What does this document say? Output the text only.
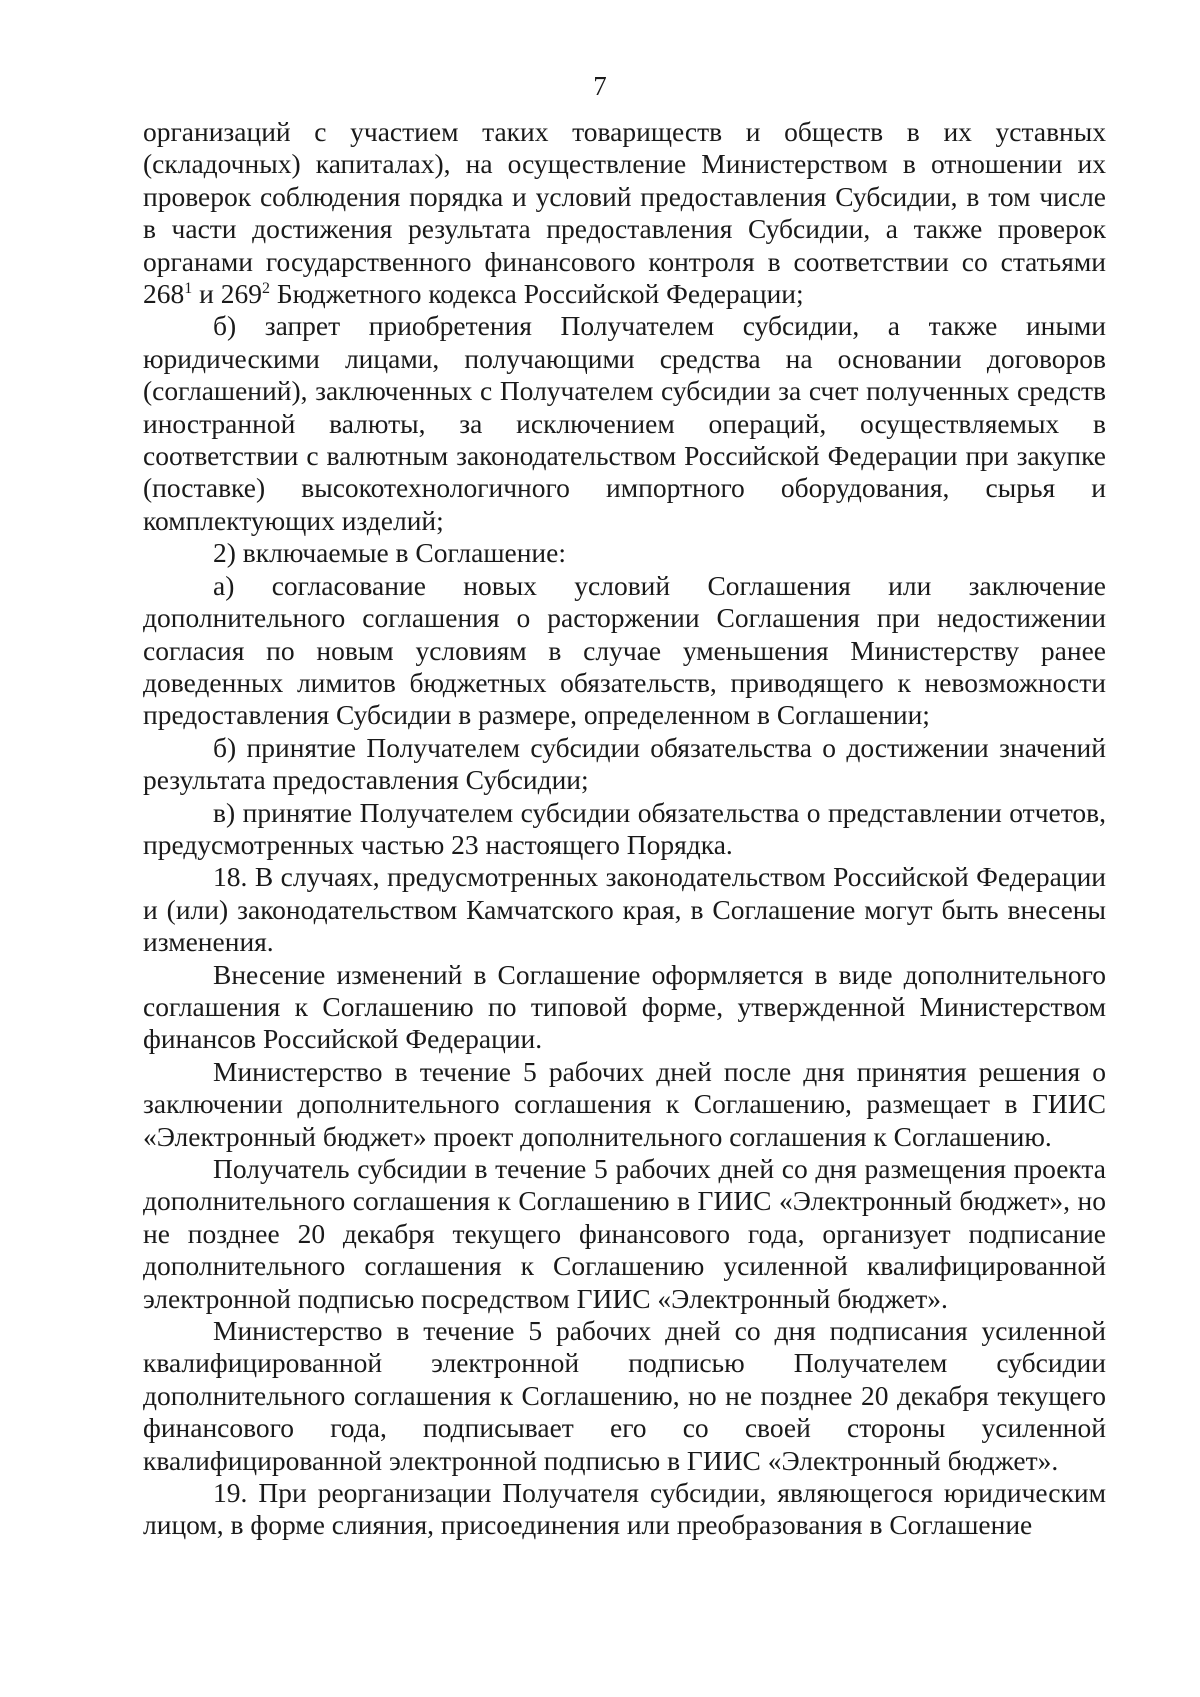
7

организаций с участием таких товариществ и обществ в их уставных (складочных) капиталах), на осуществление Министерством в отношении их проверок соблюдения порядка и условий предоставления Субсидии, в том числе в части достижения результата предоставления Субсидии, а также проверок органами государственного финансового контроля в соответствии со статьями $268^1$ и $269^2$ Бюджетного кодекса Российской Федерации;

б) запрет приобретения Получателем субсидии, а также иными юридическими лицами, получающими средства на основании договоров (соглашений), заключенных с Получателем субсидии за счет полученных средств иностранной валюты, за исключением операций, осуществляемых в соответствии с валютным законодательством Российской Федерации при закупке (поставке) высокотехнологичного импортного оборудования, сырья и комплектующих изделий;

2) включаемые в Соглашение:

а) согласование новых условий Соглашения или заключение дополнительного соглашения о расторжении Соглашения при недостижении согласия по новым условиям в случае уменьшения Министерству ранее доведенных лимитов бюджетных обязательств, приводящего к невозможности предоставления Субсидии в размере, определенном в Соглашении;

б) принятие Получателем субсидии обязательства о достижении значений результата предоставления Субсидии;

в) принятие Получателем субсидии обязательства о представлении отчетов, предусмотренных частью 23 настоящего Порядка.

18. В случаях, предусмотренных законодательством Российской Федерации и (или) законодательством Камчатского края, в Соглашение могут быть внесены изменения.

Внесение изменений в Соглашение оформляется в виде дополнительного соглашения к Соглашению по типовой форме, утвержденной Министерством финансов Российской Федерации.

Министерство в течение 5 рабочих дней после дня принятия решения о заключении дополнительного соглашения к Соглашению, размещает в ГИИС «Электронный бюджет» проект дополнительного соглашения к Соглашению.

Получатель субсидии в течение 5 рабочих дней со дня размещения проекта дополнительного соглашения к Соглашению в ГИИС «Электронный бюджет», но не позднее 20 декабря текущего финансового года, организует подписание дополнительного соглашения к Соглашению усиленной квалифицированной электронной подписью посредством ГИИС «Электронный бюджет».

Министерство в течение 5 рабочих дней со дня подписания усиленной квалифицированной электронной подписью Получателем субсидии дополнительного соглашения к Соглашению, но не позднее 20 декабря текущего финансового года, подписывает его со своей стороны усиленной квалифицированной электронной подписью в ГИИС «Электронный бюджет».

19. При реорганизации Получателя субсидии, являющегося юридическим лицом, в форме слияния, присоединения или преобразования в Соглашение
